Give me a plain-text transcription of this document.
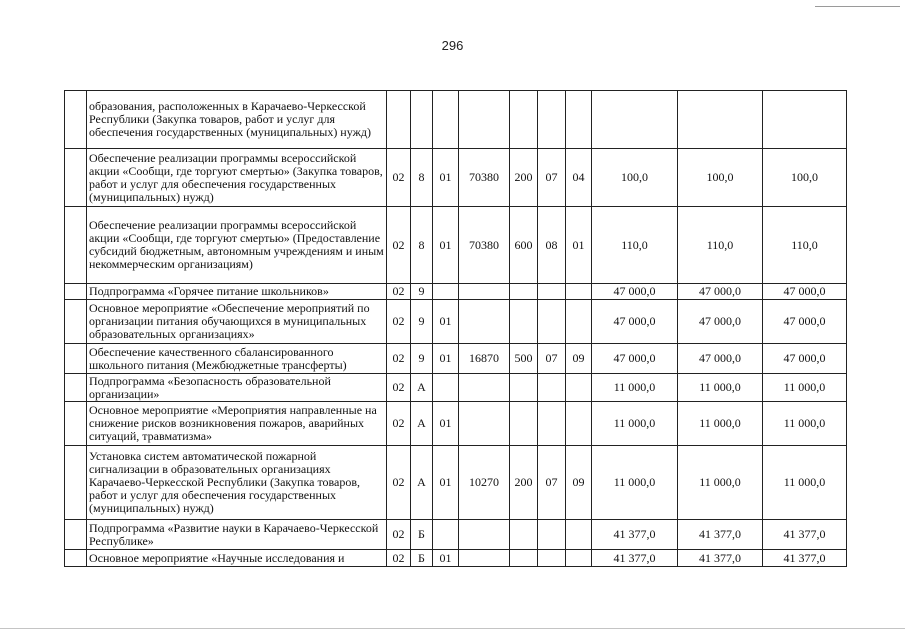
296
	образования, расположенных в Карачаево-Черкесской Республики (Закупка товаров, работ и услуг для обеспечения государственных (муниципальных) нужд)										
	Обеспечение реализации программы всероссийской акции «Сообщи, где торгуют смертью» (Закупка товаров, работ и услуг для обеспечения государственных (муниципальных) нужд)	02	8	01	70380	200	07	04	100,0	100,0	100,0
	Обеспечение реализации программы всероссийской акции «Сообщи, где торгуют смертью» (Предоставление субсидий бюджетным, автономным учреждениям и иным некоммерческим организациям)	02	8	01	70380	600	08	01	110,0	110,0	110,0
	Подпрограмма «Горячее питание школьников»	02	9						47 000,0	47 000,0	47 000,0
	Основное мероприятие «Обеспечение мероприятий по организации питания обучающихся в муниципальных образовательных организациях»	02	9	01					47 000,0	47 000,0	47 000,0
	Обеспечение качественного сбалансированного школьного питания (Межбюджетные трансферты)	02	9	01	16870	500	07	09	47 000,0	47 000,0	47 000,0
	Подпрограмма «Безопасность образовательной организации»	02	А						11 000,0	11 000,0	11 000,0
	Основное мероприятие «Мероприятия направленные на снижение рисков возникновения пожаров, аварийных ситуаций, травматизма»	02	А	01					11 000,0	11 000,0	11 000,0
	Установка систем автоматической пожарной сигнализации в образовательных организациях Карачаево-Черкесской Республики (Закупка товаров, работ и услуг для обеспечения государственных (муниципальных) нужд)	02	А	01	10270	200	07	09	11 000,0	11 000,0	11 000,0
	Подпрограмма «Развитие науки в Карачаево-Черкесской Республике»	02	Б						41 377,0	41 377,0	41 377,0
	Основное мероприятие «Научные исследования и	02	Б	01					41 377,0	41 377,0	41 377,0
